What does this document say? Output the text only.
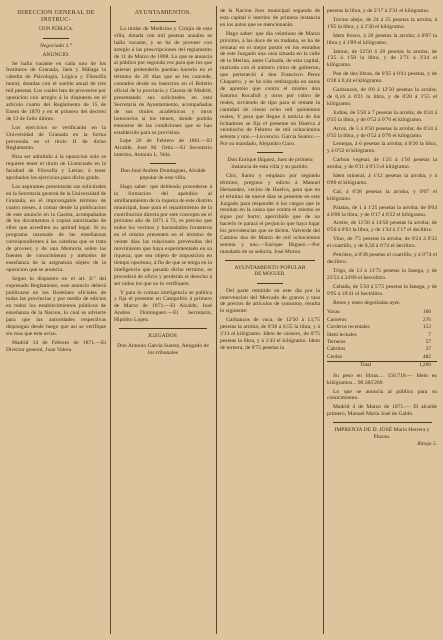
DIRECCION GENERAL DE INSTRUC-
CION PÚBLICA.
Negociado 1.°
ANUNCIO.

Se halla vacante en cada uno de los Institutos de Granada, Jaen y Málaga la cátedra de Psicología, Lógica y Filosofía moral, dotadas con el sueldo anual de tres mil pesetas. Los cuales han de proveerse por oposicion con arreglo á lo dispuesto en el artículo cuarto del Reglamento de 15 de Enero de 1870 y en el primero del decreto de 13 de Julio último.

Los ejercicios se verificarán en la Universidad de Granada en la forma prevenida en el título II de dicho Reglamento.

Para ser admitido á la oposicion solo se requiere tener el título de Licenciado en la facultad de Filosofía y Letras; ó tener aprobados los ejercicios para dicho grado.

Los aspirantes presentarán sus solicitudes en la Secretaría general de la Universidad de Granada, en el improrogable término de cuatro meses, á contar desde la publicacion de este anuncio en la Gaceta, acompañadas de los documentos ó copias autorizadas de ellos que acrediten su aptitud legal. Si su programa razonado de las enseñanzas correspondientes á las cátedras que se trata de proveer, y de una Memoria sobre las fuentes de conocimiento y métodos de enseñanza de la asignatura objeto de la oposicion que se anuncia.

Segun lo dispuesto en el art. 8.° del expresado Reglamento, este anuncio deberá publicarse en los Boletines oficiales de todas las provincias y por medio de edictos en todos los establecimientos públicos de enseñanza de la Nacion, lo cual se advierte para que las autoridades respectivas dispongan desde luego que así se verifique sin mas que este aviso.

Madrid 14 de Febrero de 1871.—El Director general, Juan Valera.

AYUNTAMIENTOS.

La titular de Medicina y Cirujía de esta villa, dotada con mil pesetas anuales se halla vacante, y se ha de proveer con arreglo á las prescripciones del reglamento de 11 de Marzo de 1868. Lo que se anuncia al público por segunda vez para que los que quieran pretenderla puedan hacerlo en el término de 20 dias que se les concede, contados desde su insercion en el Boletin oficial de la provincia y Gaceta de Madrid, presentando sus solicitudes en esta Secretaría de Ayuntamiento, acompañadas de sus títulos académicos y otros honorarios si los tienen, donde podrán enterarse de las condiciones que se han establecido para su provision.

Lepe 26 de Febrero de 1861.—El Alcalde, José M. Ortiz.—El Secretario interino, Antonio L. Vela.

Don José Andres Dominguez, Alcalde popular de esta villa.

Hago saber: que debiendo procederse á la formacion del apéndice al amillaramiento de la riqueza de este distrito municipal, base para el repartimiento de la contribucion directa por este concepto en el próximo año de 1871 á 72, es preciso que todos los vecinos y hacendados forasteros en el mismo presenten en el término de veinte dias las relaciones prevenidas del movimiento que haya experimentado en su riqueza; que sea objeto de imposicion en tiempo oportuno, á fin de que se tenga en la inteligencia que pasado dicho término, se procederá de oficio y perderán el derecho á ser oidos los que no lo verifiquen.

Y para lo comun inteligencia se publica y fija el presente en Campofrío á primero de Marzo de 1871.—El Alcalde, José Andres Dominguez.—El Secretario, Hipólito Lopez.

JUZGADOS.

Don Antonio García Suarez, Abogado de los tribunales

de la Nacion Juez municipal segundo de esta capital é interino de primera instancia en los autos que se mencionarán.

Hago saber: que dia veintiuno de Marzo próximo, á las doce de su mañana, se ha de rematar en el mejor postor en los estrados de este Juzgado una casa situada en la calle de la Merina, antes Calzada, de esta capital, marcada con el número cinco de gobierno, que perteneció á don Francisco Perez Chaparro, y se ha sido embargada en autos de apremio que contra el mismo don Saturno Rocafull y otros por cobro de reales, sirviendo de tipo para el remate la cantidad de ciento ocho mil quinientos reales, Y para que llegue á noticia de los licitadores se fija el presente en Huelva á veintiocho de Febrero de mil ochocientos setenta y uno.—Liccencio. García Suarez.—Por su mandado, Alejandro Gaco.

Don Enrique Iñiguez, Juez de primera instancia de esta villa y su partido.

Cito, llamo y emplazo por segundo término, pregono y edicto á Manuel Hernandez, vecino de Huelva, para que en el término de nueve dias se presente en este Juzgado para responder á los cargos que le resultan en la causa que contra el mismo se sigue por hurto; apercibido que de no hacerlo le parará el perjuicio que haya lugar los previdencias que se dicten. Valverde del Camino dos de Marzo de mil ochocientos setenta y uno.—Enrique Iñiguez.—Por mandado de su señoría, José Moron.

AYUNTAMIENTO POPULAR
DE MOGUER.

Del parte remitido en este dia por la intervencion del Mercado de granos y tasa de precios de artículos de consumo, resulta lo siguiente:

Garbanzos de vaca, de 12'50 á 13,75 pesetas la arroba; de 0'38 á 0,55 la libra, y á 3'13 el kilógramo. Idem de carnero, de 0'75 pesetas la libra, y á 1'43 el kilógramo. Idem de ternera, de 0'75 pesetas la

pesetas la libra, y de 2'17 á 2'31 el kilógramo.

Tocino añejo, de 24 á 25 pesetas la arroba; á 1'05 la libra, y á 2'30 el kilógramo.

Idem fresco, á 20 pesetas la arroba; á 0'87 la libra y á 1'89 el kilógramo.

Jamon, de 22'50 á 28 pesetas la arroba; de 1'25 á 1'50 la libra, y de 2'71 á 3'24 el kilógramo.

Pan de dos libras, de 0'35 á 0'41 pesetas, y de 0'38 á 0,44 el kilógramo.

Garbanzos, de 0'8 á 12'50 pesetas la arroba; de 0,16 á 0'21 la libra, y de 0'20 á 1'55 el kilógramo.

Judias, de 5'50 á 7 pesetas la arroba; de 0'24 á 0'35 la libra, y de 0'52 á 0'76 el kilógramo.

Arroz, de 5 á 6'50 pesetas la arroba; de 0'24 á 0'35 la libra, y de 0'52 á 0'76 el kilógramo.

Lentejas, á 6 pesetas la arroba; á 0'26 la libra, y á 0'52 el kilógramo.

Carbon vegetal, de 1'25 á 1'50 pesetas la arroba, y de 0'11 á 0'13 el kilógramo.

Idem mineral, á 1'12 pesetas la arroba, y á 0'09 el kilógramo.

Cal, á 0'38 pesetas la arroba, y 0'07 el kilógramo.

Patatas, de 1 á 1'25 pesetas la arroba; de 0'04 á 0'06 la libra, y de 0'17 á 0'22 el kilógramo.

Aceite, de 11'50 á 14'50 pesetas la arroba; de 0'50 á 0'63 la libra, y de 1'34 á 1'17 el decilitro.

Vino, de 7'5 pesetas la arroba; de 0'24 á 0'32 el cuartillo, y de 0,56 á 0'74 el decilitro.

Petróleo, á 0'38 pesetas el cuartillo, y á 0'74 el decilitro.

Trigo, de 13 á 13'75 pesetas la fanega, y de 23'53 á 24'89 el hectólitro.

Cebada, de 5'50 á 5'75 pesetas la fanega, y de 9'95 á 10'41 el hectólitro.

Reses y reses degolladas ayer.

Vacas	166
Carneros	276
Corderos recentales	153
Idem lechales	7
Terneras	57
Cabritos	37
Cerdos	482
Total	1,200

Su peso en libras.... 156.718.— Idem en kilógramos... 90.385'269

Lo que se anuncia al público para su conocimiento.

Madrid 4 de Marzo de 1871.— El alcalde primero, Manuel María José de Galdo.

IMPRENTA DE D. JOSÉ María Herrera y Pinzon.
Rinoja 5.
